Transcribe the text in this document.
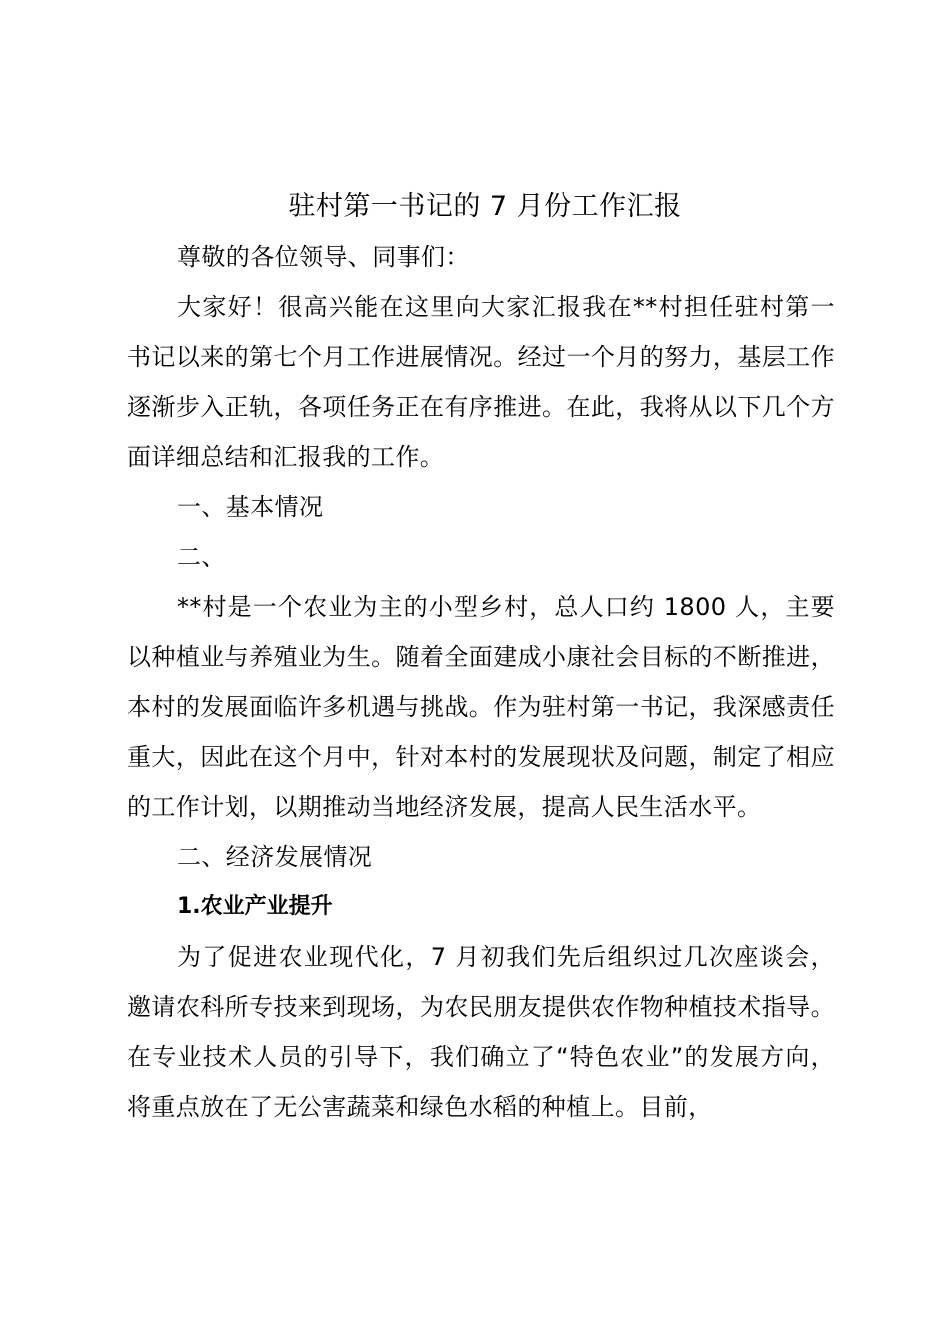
驻村第一书记的 7 月份工作汇报

尊敬的各位领导、同事们：

大家好！很高兴能在这里向大家汇报我在**村担任驻村第一书记以来的第七个月工作进展情况。经过一个月的努力，基层工作逐渐步入正轨，各项任务正在有序推进。在此，我将从以下几个方面详细总结和汇报我的工作。

一、基本情况

二、

**村是一个农业为主的小型乡村，总人口约 1800 人，主要以种植业与养殖业为生。随着全面建成小康社会目标的不断推进，本村的发展面临许多机遇与挑战。作为驻村第一书记，我深感责任重大，因此在这个月中，针对本村的发展现状及问题，制定了相应的工作计划，以期推动当地经济发展，提高人民生活水平。

二、经济发展情况

1.农业产业提升

为了促进农业现代化，7 月初我们先后组织过几次座谈会，邀请农科所专技来到现场，为农民朋友提供农作物种植技术指导。在专业技术人员的引导下，我们确立了“特色农业”的发展方向，将重点放在了无公害蔬菜和绿色水稻的种植上。目前，
